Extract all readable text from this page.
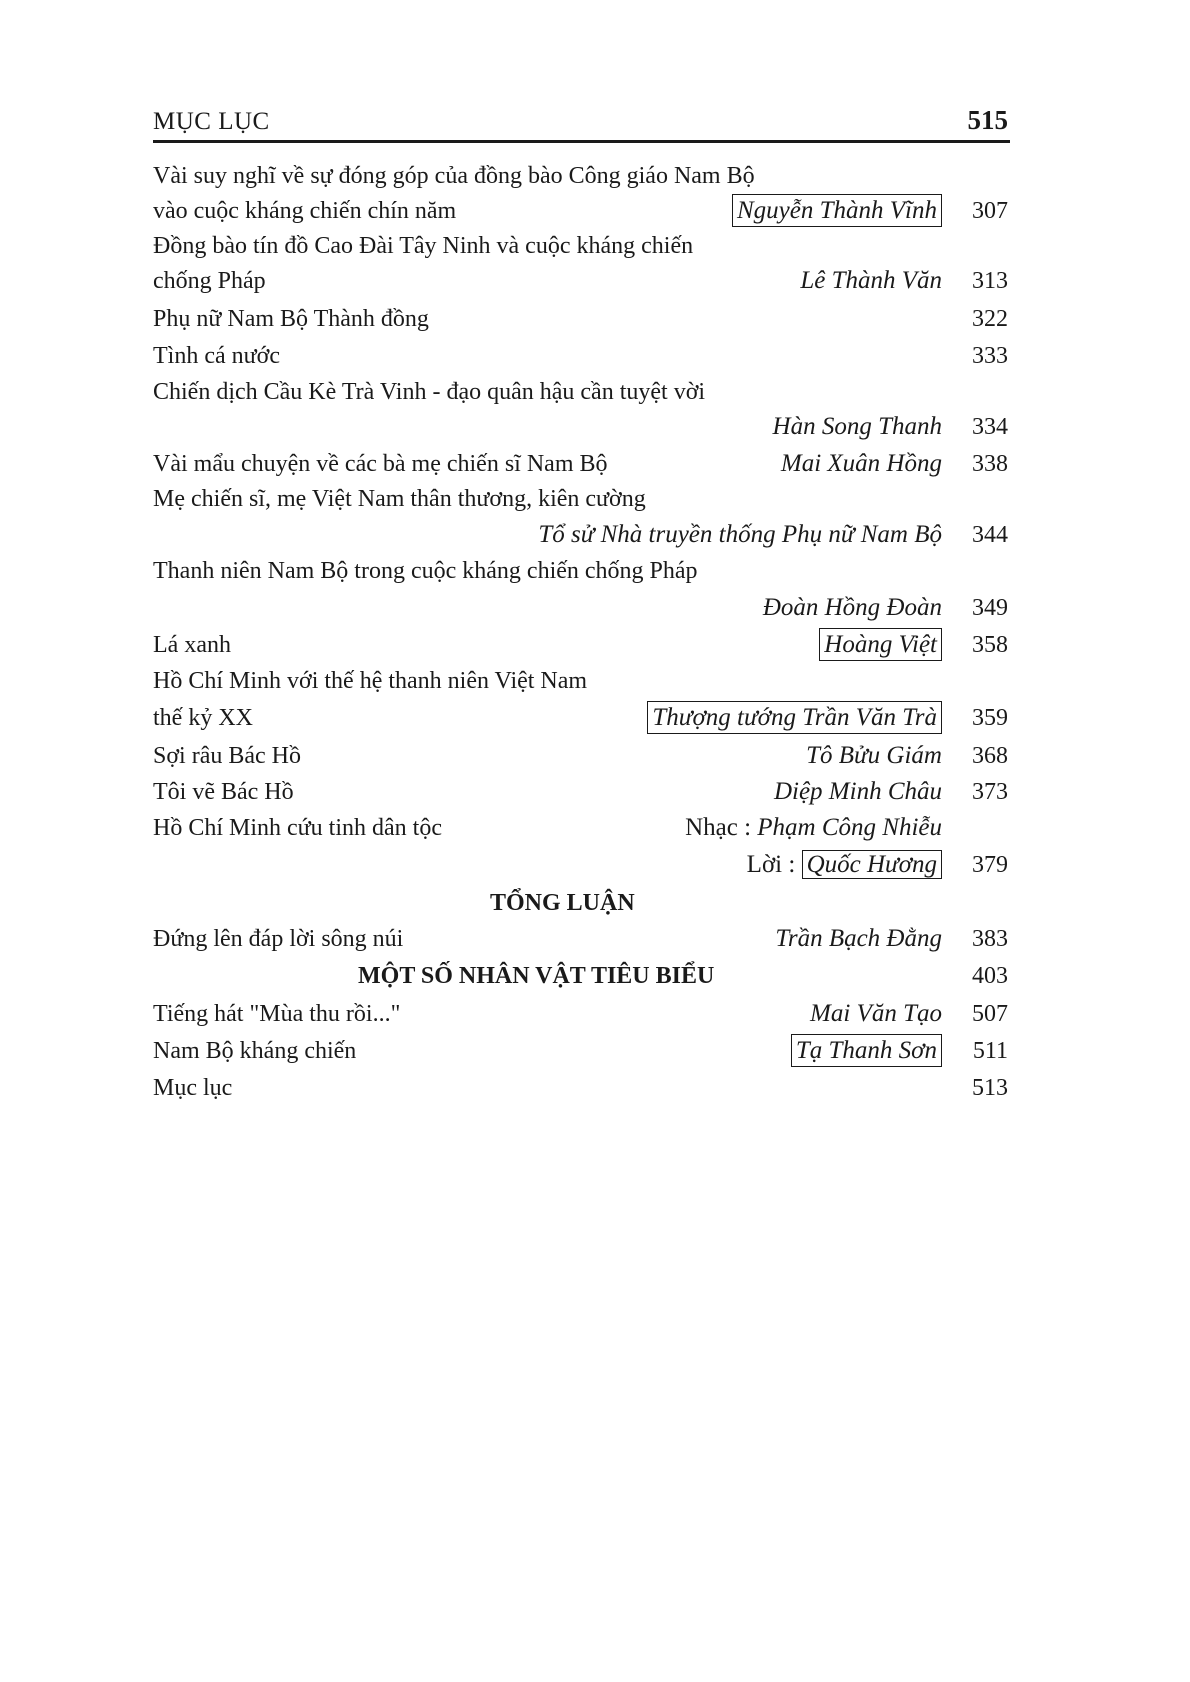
MỤC LỤC	515
Vài suy nghĩ về sự đóng góp của đồng bào Công giáo Nam Bộ
vào cuộc kháng chiến chín năm	Nguyễn Thành Vĩnh 307
Đồng bào tín đồ Cao Đài Tây Ninh và cuộc kháng chiến
chống Pháp	Lê Thành Văn 313
Phụ nữ Nam Bộ Thành đồng	322
Tình cá nước	333
Chiến dịch Cầu Kè Trà Vinh - đạo quân hậu cần tuyệt vời
Hàn Song Thanh 334
Vài mẩu chuyện về các bà mẹ chiến sĩ Nam Bộ	Mai Xuân Hồng 338
Mẹ chiến sĩ, mẹ Việt Nam thân thương, kiên cường
Tổ sử Nhà truyền thống Phụ nữ Nam Bộ 344
Thanh niên Nam Bộ trong cuộc kháng chiến chống Pháp
Đoàn Hồng Đoàn 349
Lá xanh	Hoàng Việt 358
Hồ Chí Minh với thế hệ thanh niên Việt Nam
thế kỷ XX	Thượng tướng Trần Văn Trà 359
Sợi râu Bác Hồ	Tô Bửu Giám 368
Tôi vẽ Bác Hồ	Diệp Minh Châu 373
Hồ Chí Minh cứu tinh dân tộc	Nhạc : Phạm Công Nhiễu
Lời : Quốc Hương 379
TỔNG LUẬN
Đứng lên đáp lời sông núi	Trần Bạch Đằng 383
MỘT SỐ NHÂN VẬT TIÊU BIỂU	403
Tiếng hát "Mùa thu rồi..."	Mai Văn Tạo 507
Nam Bộ kháng chiến	Tạ Thanh Sơn 511
Mục lục	513
